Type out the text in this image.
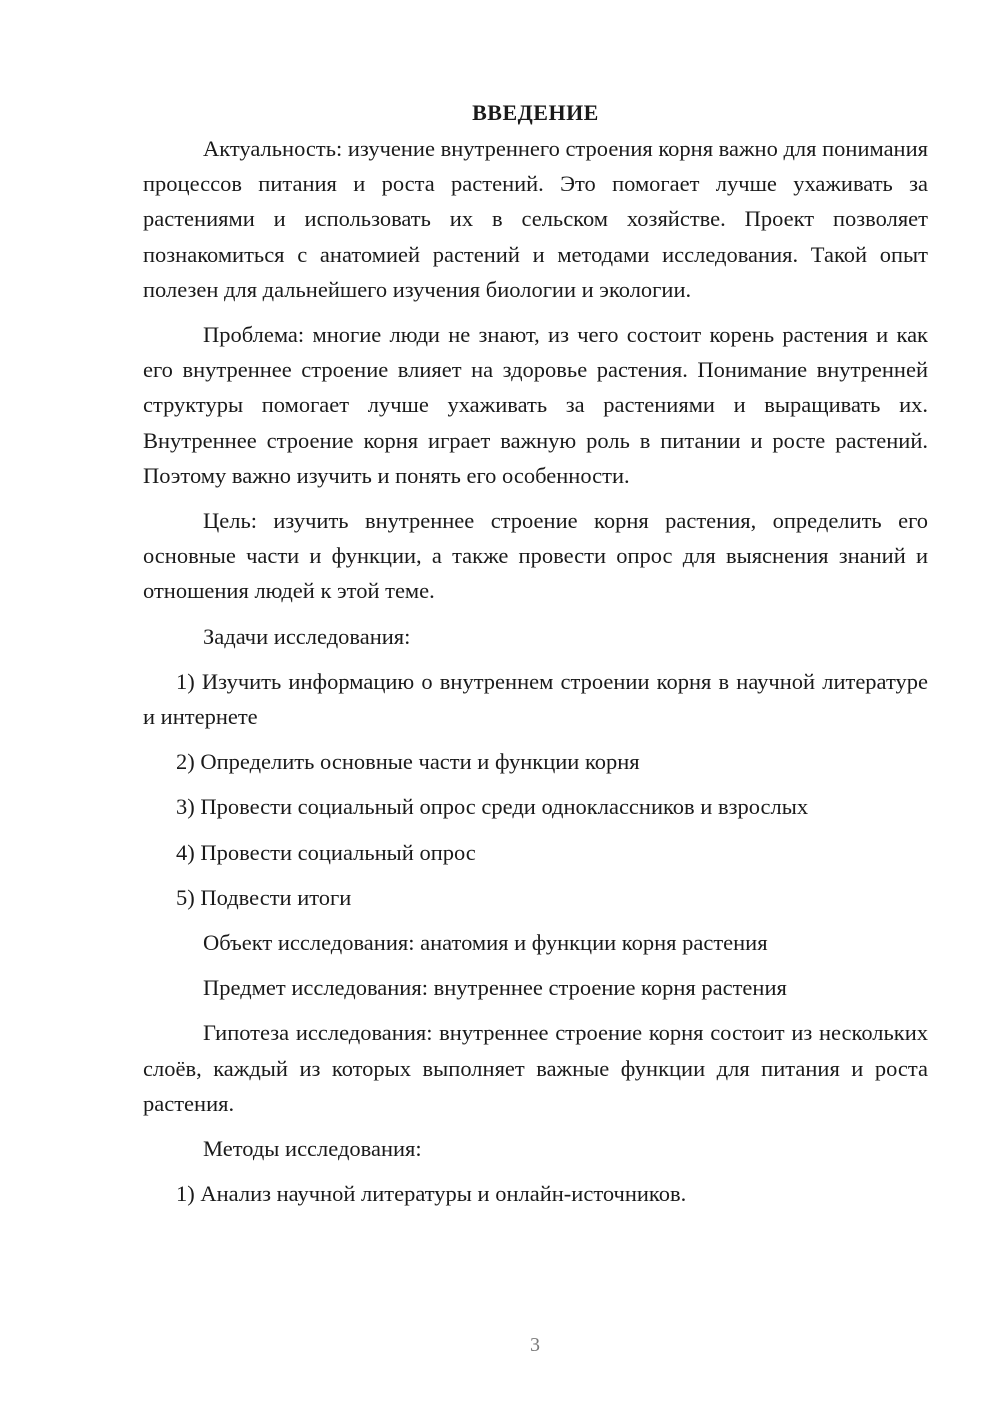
ВВЕДЕНИЕ

Актуальность: изучение внутреннего строения корня важно для понимания процессов питания и роста растений. Это помогает лучше ухаживать за растениями и использовать их в сельском хозяйстве. Проект позволяет познакомиться с анатомией растений и методами исследования. Такой опыт полезен для дальнейшего изучения биологии и экологии.

Проблема: многие люди не знают, из чего состоит корень растения и как его внутреннее строение влияет на здоровье растения. Понимание внутренней структуры помогает лучше ухаживать за растениями и выращивать их. Внутреннее строение корня играет важную роль в питании и росте растений. Поэтому важно изучить и понять его особенности.

Цель: изучить внутреннее строение корня растения, определить его основные части и функции, а также провести опрос для выяснения знаний и отношения людей к этой теме.

Задачи исследования:

1) Изучить информацию о внутреннем строении корня в научной литературе и интернете

2) Определить основные части и функции корня

3) Провести социальный опрос среди одноклассников и взрослых

4) Провести социальный опрос

5) Подвести итоги

Объект исследования: анатомия и функции корня растения

Предмет исследования: внутреннее строение корня растения

Гипотеза исследования: внутреннее строение корня состоит из нескольких слоёв, каждый из которых выполняет важные функции для питания и роста растения.

Методы исследования:

1) Анализ научной литературы и онлайн-источников.

3
